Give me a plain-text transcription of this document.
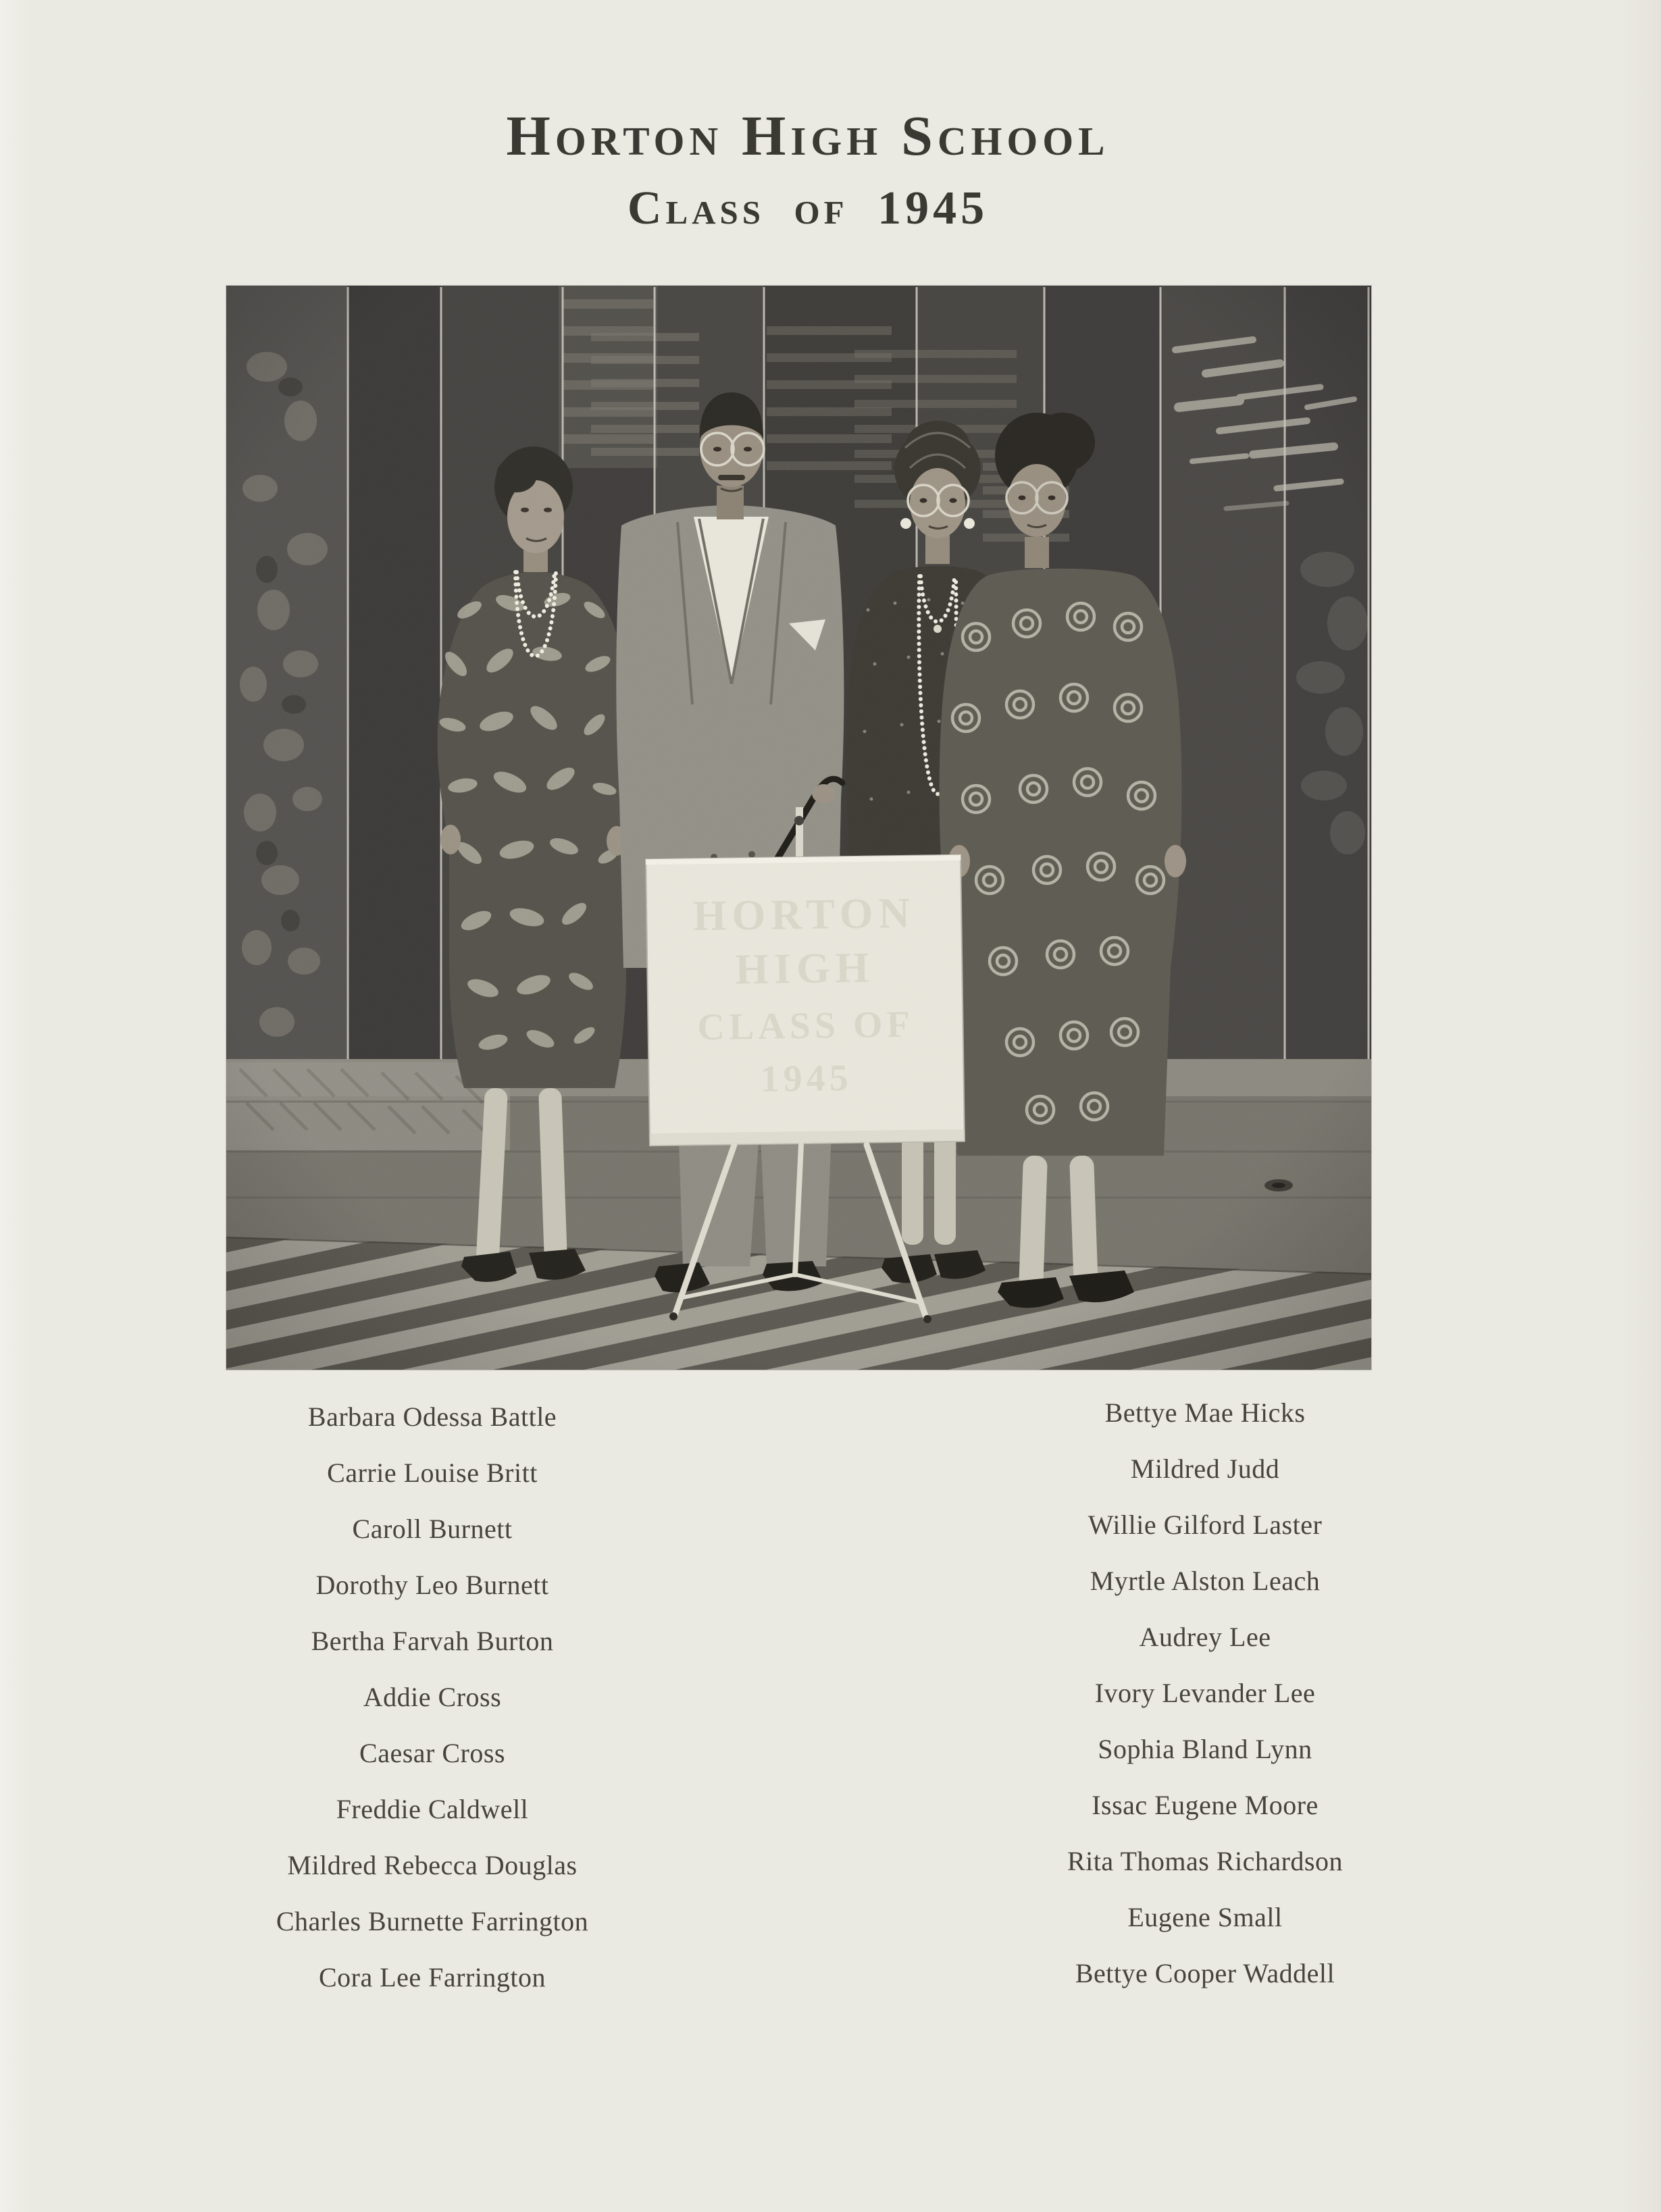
Horton High School
Class of 1945
Barbara Odessa Battle
Carrie Louise Britt
Caroll Burnett
Dorothy Leo Burnett
Bertha Farvah Burton
Addie Cross
Caesar Cross
Freddie Caldwell
Mildred Rebecca Douglas
Charles Burnette Farrington
Cora Lee Farrington
Bettye Mae Hicks
Mildred Judd
Willie Gilford Laster
Myrtle Alston Leach
Audrey Lee
Ivory Levander Lee
Sophia Bland Lynn
Issac Eugene Moore
Rita Thomas Richardson
Eugene Small
Bettye Cooper Waddell
